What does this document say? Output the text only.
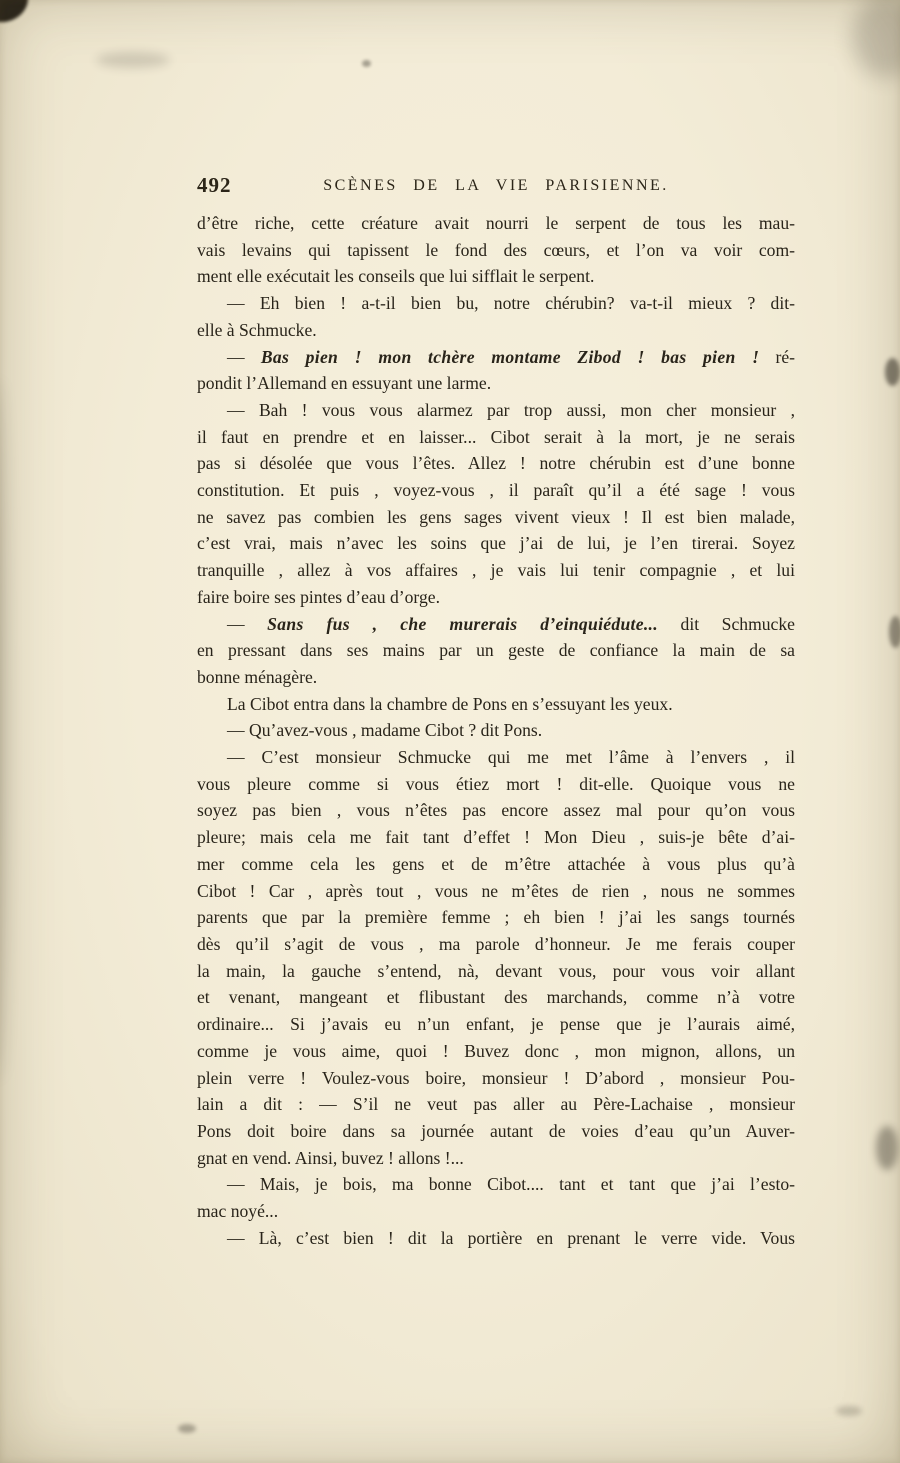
492	SCÈNES DE LA VIE PARISIENNE.
d’être riche, cette créature avait nourri le serpent de tous les mau-
vais levains qui tapissent le fond des cœurs, et l’on va voir com-
ment elle exécutait les conseils que lui sifflait le serpent.
— Eh bien ! a-t-il bien bu, notre chérubin? va-t-il mieux ? dit-
elle à Schmucke.
— Bas pien ! mon tchère montame Zibod ! bas pien ! ré-
pondit l’Allemand en essuyant une larme.
— Bah ! vous vous alarmez par trop aussi, mon cher monsieur ,
il faut en prendre et en laisser... Cibot serait à la mort, je ne serais
pas si désolée que vous l’êtes. Allez ! notre chérubin est d’une bonne
constitution. Et puis , voyez-vous , il paraît qu’il a été sage ! vous
ne savez pas combien les gens sages vivent vieux ! Il est bien malade,
c’est vrai, mais n’avec les soins que j’ai de lui, je l’en tirerai. Soyez
tranquille , allez à vos affaires , je vais lui tenir compagnie , et lui
faire boire ses pintes d’eau d’orge.
— Sans fus , che murerais d’einquiédute... dit Schmucke
en pressant dans ses mains par un geste de confiance la main de sa
bonne ménagère.
La Cibot entra dans la chambre de Pons en s’essuyant les yeux.
— Qu’avez-vous , madame Cibot ? dit Pons.
— C’est monsieur Schmucke qui me met l’âme à l’envers , il
vous pleure comme si vous étiez mort ! dit-elle. Quoique vous ne
soyez pas bien , vous n’êtes pas encore assez mal pour qu’on vous
pleure; mais cela me fait tant d’effet ! Mon Dieu , suis-je bête d’ai-
mer comme cela les gens et de m’être attachée à vous plus qu’à
Cibot ! Car , après tout , vous ne m’êtes de rien , nous ne sommes
parents que par la première femme ; eh bien ! j’ai les sangs tournés
dès qu’il s’agit de vous , ma parole d’honneur. Je me ferais couper
la main, la gauche s’entend, nà, devant vous, pour vous voir allant
et venant, mangeant et flibustant des marchands, comme n’à votre
ordinaire... Si j’avais eu n’un enfant, je pense que je l’aurais aimé,
comme je vous aime, quoi ! Buvez donc , mon mignon, allons, un
plein verre ! Voulez-vous boire, monsieur ! D’abord , monsieur Pou-
lain a dit : — S’il ne veut pas aller au Père-Lachaise , monsieur
Pons doit boire dans sa journée autant de voies d’eau qu’un Auver-
gnat en vend. Ainsi, buvez ! allons !...
— Mais, je bois, ma bonne Cibot.... tant et tant que j’ai l’esto-
mac noyé...
— Là, c’est bien ! dit la portière en prenant le verre vide. Vous
